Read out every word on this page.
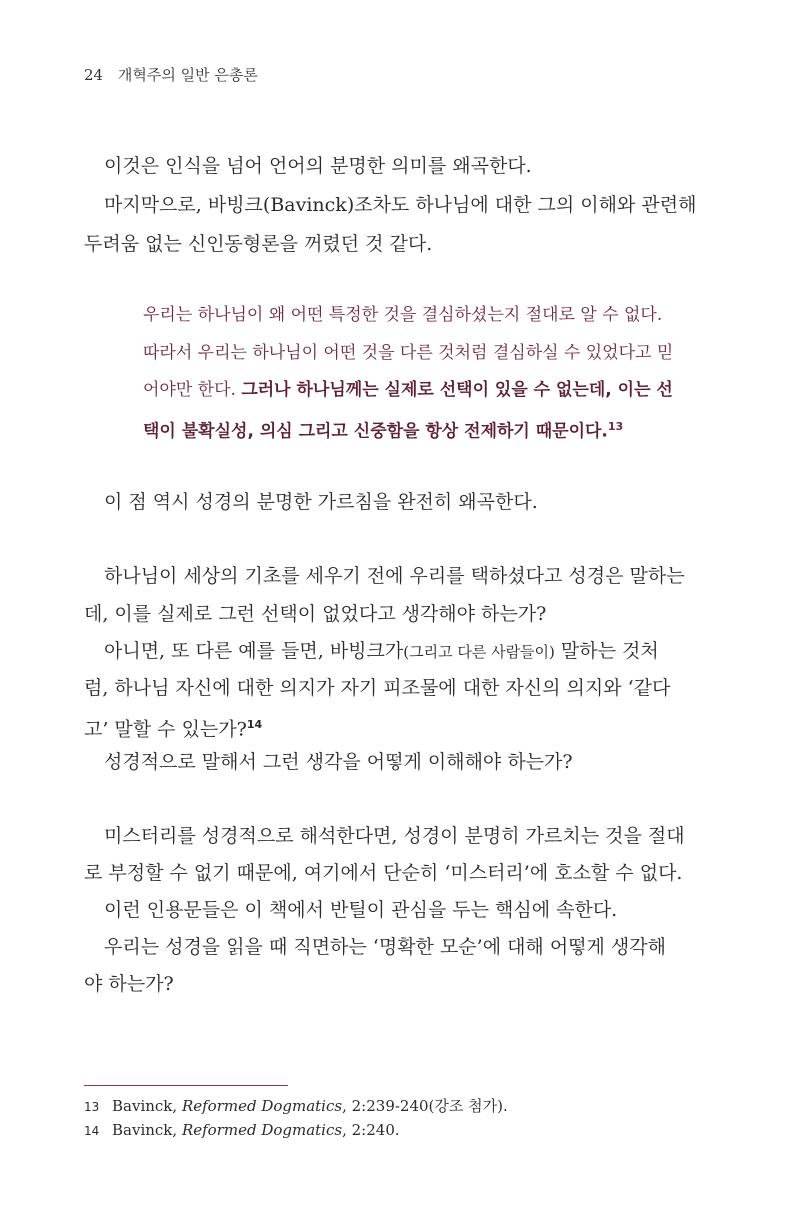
24 개혁주의 일반 은총론
이것은 인식을 넘어 언어의 분명한 의미를 왜곡한다.
마지막으로, 바빙크(Bavinck)조차도 하나님에 대한 그의 이해와 관련해
두려움 없는 신인동형론을 꺼렸던 것 같다.
우리는 하나님이 왜 어떤 특정한 것을 결심하셨는지 절대로 알 수 없다.
따라서 우리는 하나님이 어떤 것을 다른 것처럼 결심하실 수 있었다고 믿
어야만 한다. 그러나 하나님께는 실제로 선택이 있을 수 없는데, 이는 선
택이 불확실성, 의심 그리고 신중함을 항상 전제하기 때문이다.$^{13}$
이 점 역시 성경의 분명한 가르침을 완전히 왜곡한다.
하나님이 세상의 기초를 세우기 전에 우리를 택하셨다고 성경은 말하는
데, 이를 실제로 그런 선택이 없었다고 생각해야 하는가?
아니면, 또 다른 예를 들면, 바빙크가(그리고 다른 사람들이) 말하는 것처
럼, 하나님 자신에 대한 의지가 자기 피조물에 대한 자신의 의지와 ‘같다
고’ 말할 수 있는가?$^{14}$
성경적으로 말해서 그런 생각을 어떻게 이해해야 하는가?
미스터리를 성경적으로 해석한다면, 성경이 분명히 가르치는 것을 절대
로 부정할 수 없기 때문에, 여기에서 단순히 ‘미스터리’에 호소할 수 없다.
이런 인용문들은 이 책에서 반틸이 관심을 두는 핵심에 속한다.
우리는 성경을 읽을 때 직면하는 ‘명확한 모순’에 대해 어떻게 생각해
야 하는가?
13 Bavinck, Reformed Dogmatics, 2:239-240(강조 첨가).
14 Bavinck, Reformed Dogmatics, 2:240.
